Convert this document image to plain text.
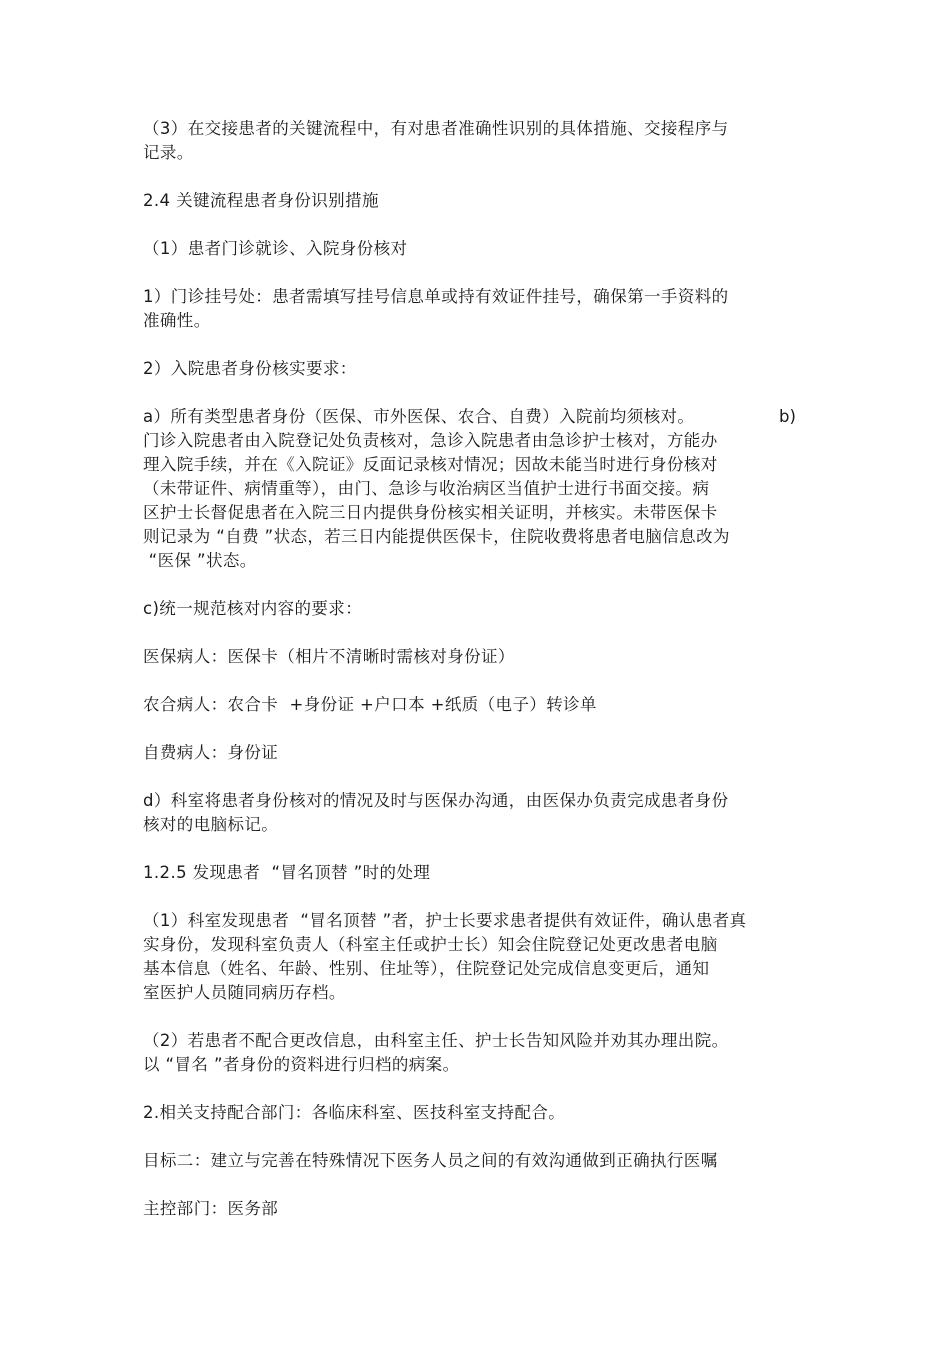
（3）在交接患者的关键流程中，有对患者准确性识别的具体措施、交接程序与
记录。
2.4 关键流程患者身份识别措施
（1）患者门诊就诊、入院身份核对
1）门诊挂号处：患者需填写挂号信息单或持有效证件挂号，确保第一手资料的
准确性。
2）入院患者身份核实要求：
a）所有类型患者身份（医保、市外医保、农合、自费）入院前均须核对。	b)
门诊入院患者由入院登记处负责核对，急诊入院患者由急诊护士核对，方能办
理入院手续，并在《入院证》反面记录核对情况；因故未能当时进行身份核对
（未带证件、病情重等），由门、急诊与收治病区当值护士进行书面交接。病
区护士长督促患者在入院三日内提供身份核实相关证明，并核实。未带医保卡
则记录为 “自费 ”状态，若三日内能提供医保卡，住院收费将患者电脑信息改为
“医保 ”状态。
c)统一规范核对内容的要求：
医保病人：医保卡（相片不清晰时需核对身份证）
农合病人：农合卡  +身份证 +户口本 +纸质（电子）转诊单
自费病人：身份证
d）科室将患者身份核对的情况及时与医保办沟通，由医保办负责完成患者身份
核对的电脑标记。
1.2.5 发现患者  “冒名顶替 ”时的处理
（1）科室发现患者  “冒名顶替 ”者，护士长要求患者提供有效证件，确认患者真
实身份，发现科室负责人（科室主任或护士长）知会住院登记处更改患者电脑
基本信息（姓名、年龄、性别、住址等），住院登记处完成信息变更后，通知
室医护人员随同病历存档。
（2）若患者不配合更改信息，由科室主任、护士长告知风险并劝其办理出院。
以 “冒名 ”者身份的资料进行归档的病案。
2.相关支持配合部门：各临床科室、医技科室支持配合。
目标二：建立与完善在特殊情况下医务人员之间的有效沟通做到正确执行医嘱
主控部门：医务部
